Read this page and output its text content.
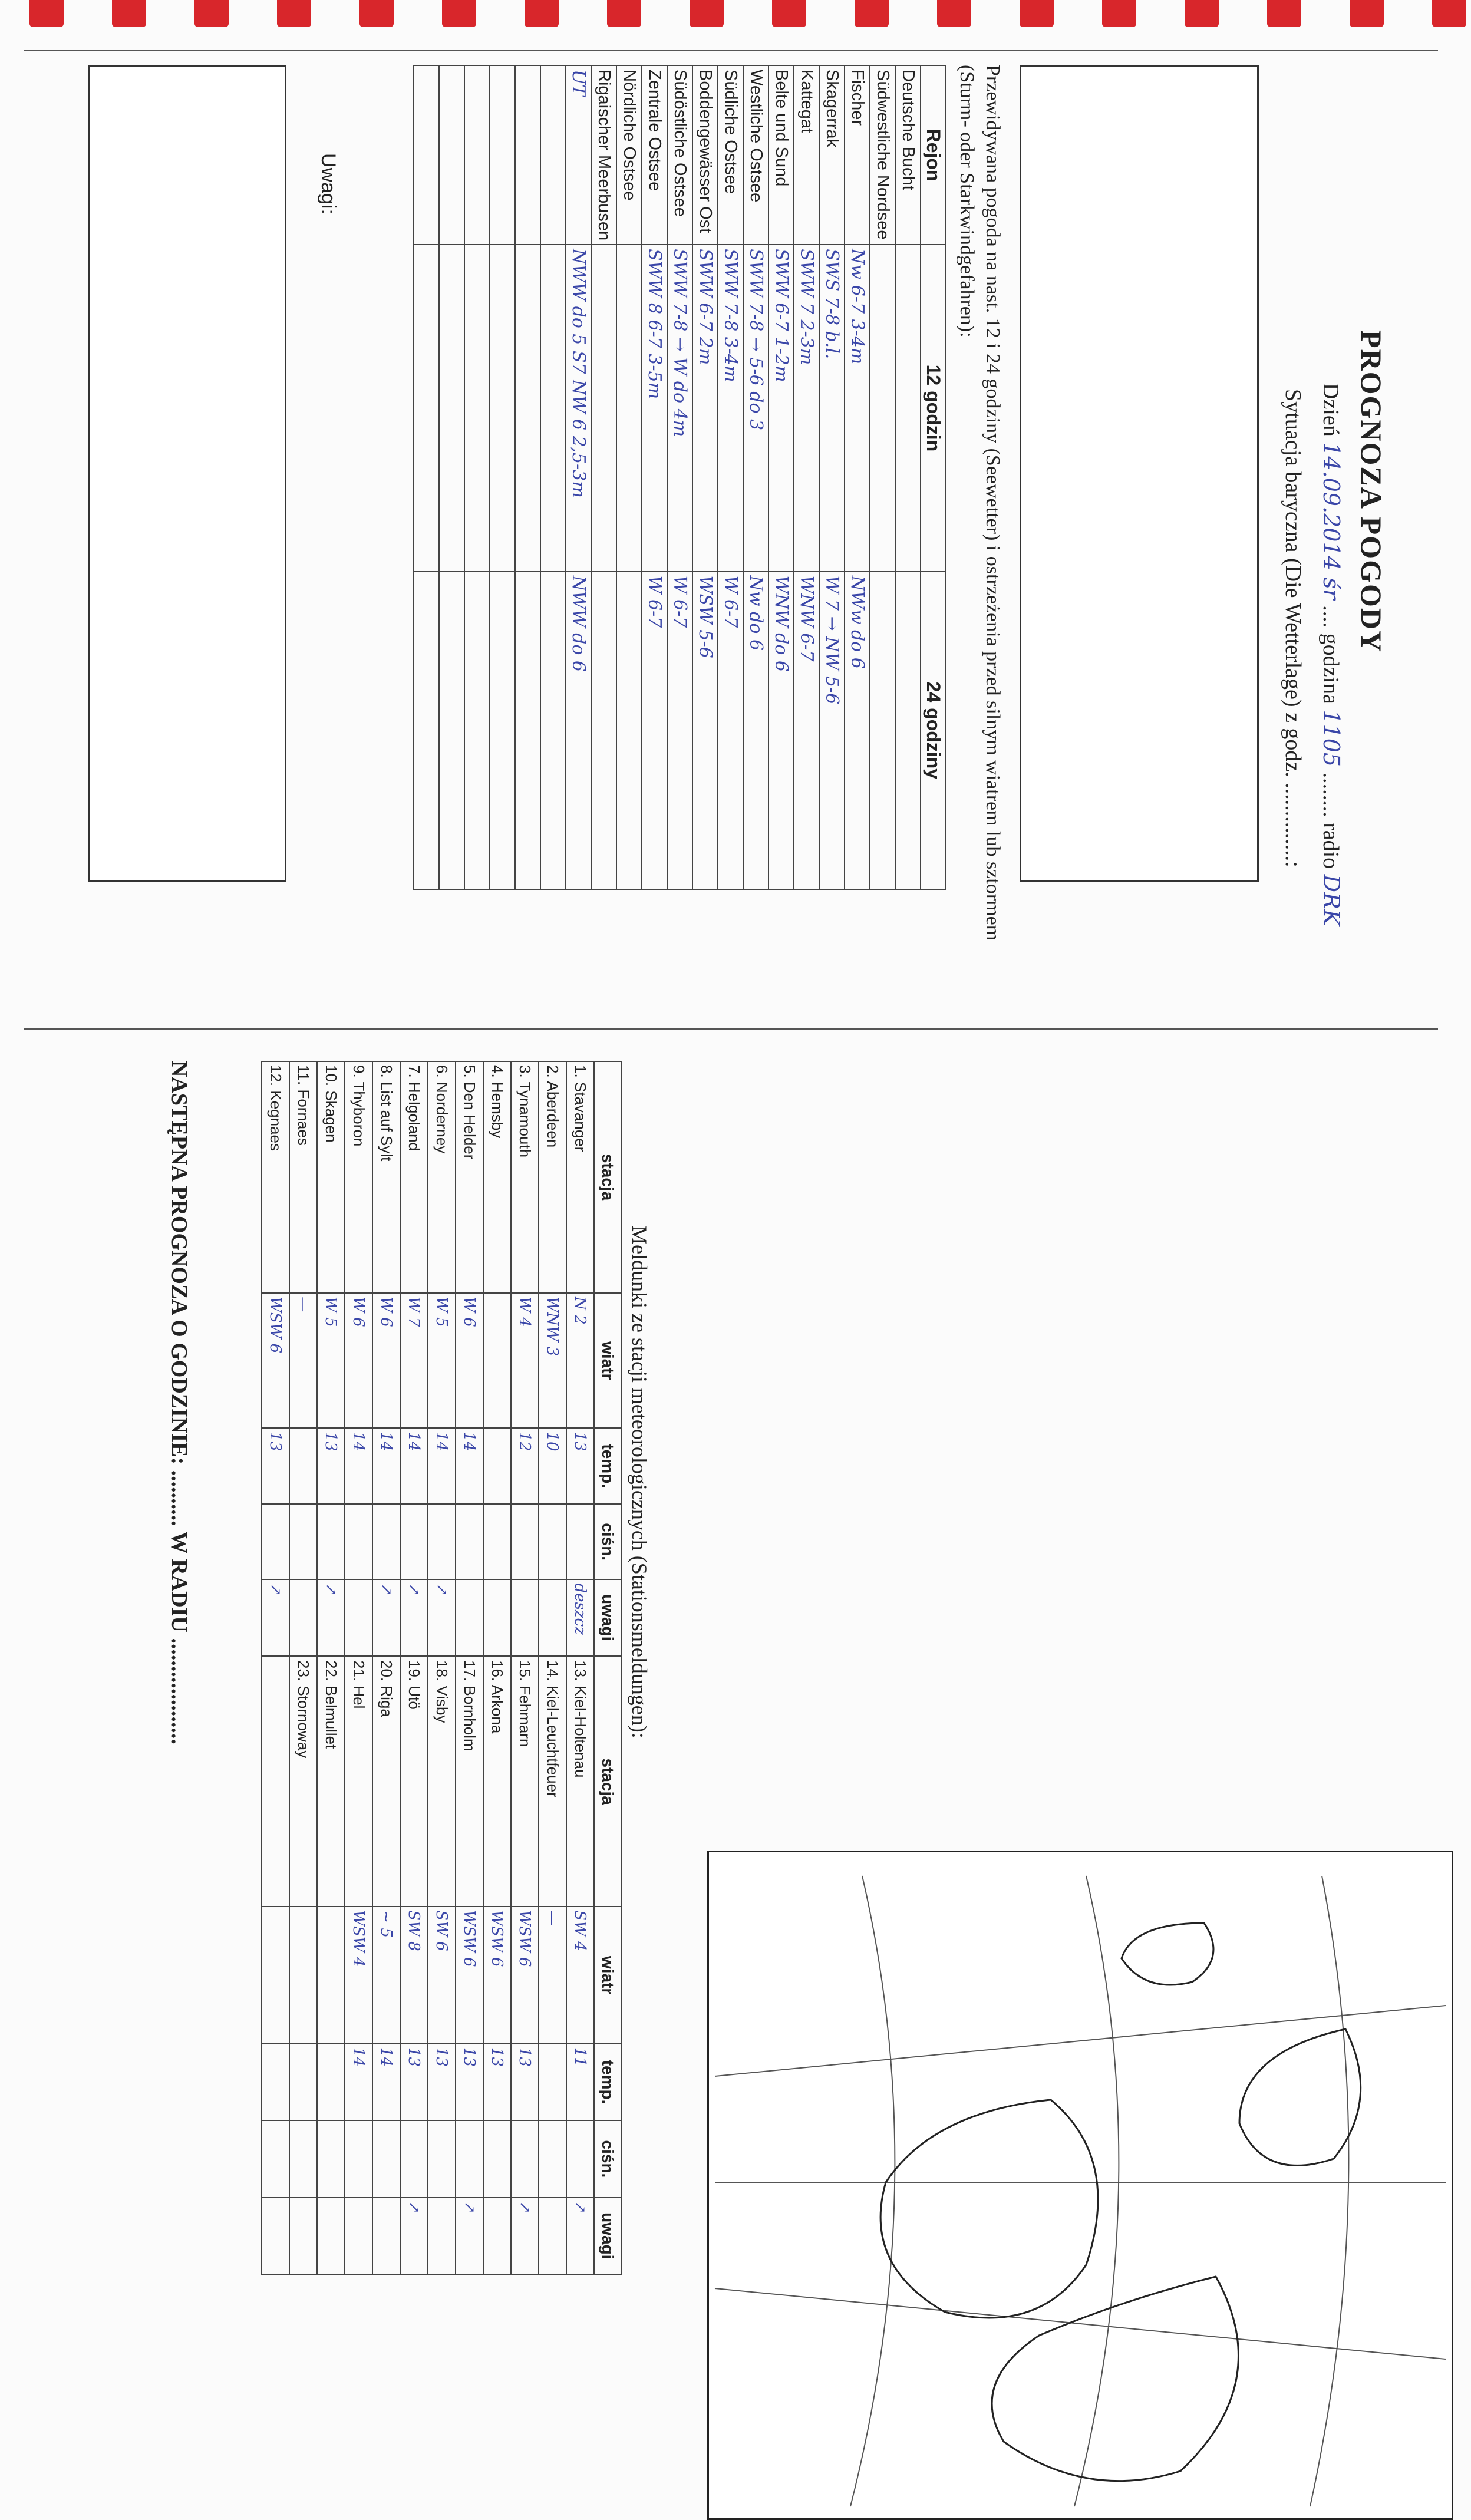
PROGNOZA POGODY
Dzień 14.09.2014 śr .... godzina 1105 ........ radio DRK
Sytuacja baryczna (Die Wetterlage) z godz. ..............:
Przewidywana pogoda na nast. 12 i 24 godziny (Seewetter) i ostrzeżenia przed silnym wiatrem lub sztormem (Sturm- oder Starkwindgefahren):
Rejon	12 godzin	24 godziny
Deutsche Bucht		
Südwestliche Nordsee		
Fischer	Nw 6-7 3-4m	NWw do 6
Skagerrak	SWS 7-8 b.l.	W 7 → NW 5-6
Kattegat	SWW 7 2-3m	WNW 6-7
Belte und Sund	SWW 6-7 1-2m	WNW do 6
Westliche Ostsee	SWW 7-8 → 5-6 do 3	Nw do 6
Südliche Ostsee	SWW 7-8 3-4m	W 6-7
Boddengewässer Ost	SWW 6-7 2m	WSW 5-6
Südöstliche Ostsee	SWW 7-8 → W do 4m	W 6-7
Zentrale Ostsee	SWW 8 6-7 3-5m	W 6-7
Nördliche Ostsee		
Rigaischer Meerbusen		
UT	NWW do 5 S7 NW 6 2,5-3m	NWW do 6

Uwagi:
Meldunki ze stacji meteorologicznych (Stationsmeldungen):
stacja	wiatr	temp.	ciśn.	uwagi
1. Stavanger	N 2	13		deszcz
2. Aberdeen	WNW 3	10		
3. Tynamouth	W 4	12		
4. Hemsby				
5. Den Helder	W 6	14		
6. Norderney	W 5	14		↗
7. Helgoland	W 7	14		↗
8. List auf Sylt	W 6	14		↗
9. Thyboron	W 6	14		
10. Skagen	W 5	13		↗
11. Fornaes	—			
12. Kegnaes	WSW 6	13		↗
stacja	wiatr	temp.	ciśn.	uwagi
13. Kiel-Holtenau	SW 4	11		↗
14. Kiel-Leuchtfeuer	—			
15. Fehmarn	WSW 6	13		↗
16. Arkona	WSW 6	13		
17. Bornholm	WSW 6	13		↗
18. Visby	SW 6	13		
19. Utö	SW 8	13		↗
20. Riga	~ 5	14		
21. Hel	WSW 4	14		
22. Belmullet				
23. Stornoway				

NASTĘPNA PROGNOZA O GODZINIE: .......... W RADIU ...................
